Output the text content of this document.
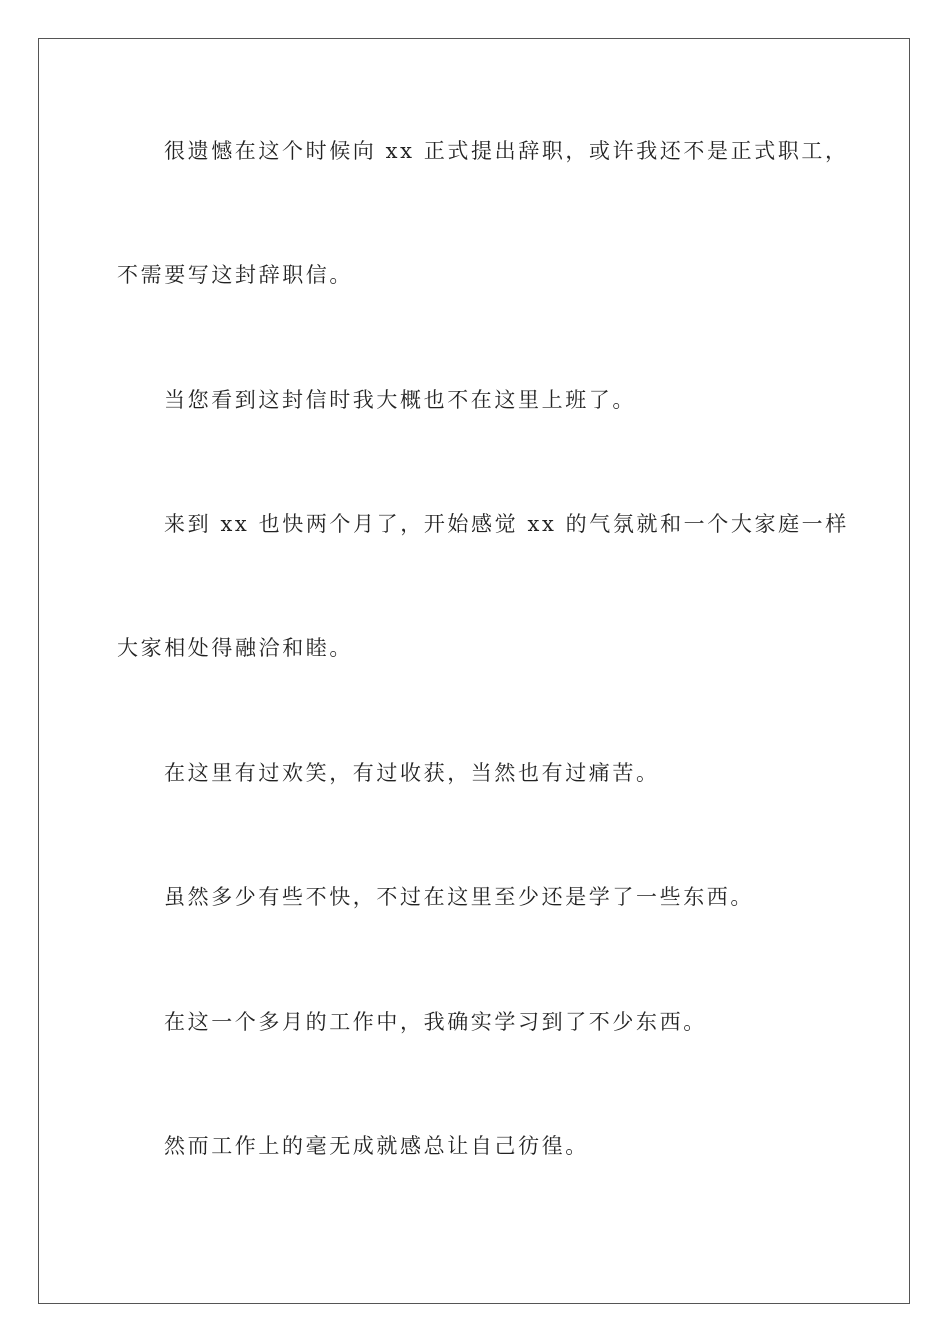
很遗憾在这个时候向 xx 正式提出辞职，或许我还不是正式职工，
不需要写这封辞职信。
当您看到这封信时我大概也不在这里上班了。
来到 xx 也快两个月了，开始感觉 xx 的气氛就和一个大家庭一样
大家相处得融洽和睦。
在这里有过欢笑，有过收获，当然也有过痛苦。
虽然多少有些不快，不过在这里至少还是学了一些东西。
在这一个多月的工作中，我确实学习到了不少东西。
然而工作上的毫无成就感总让自己彷徨。
